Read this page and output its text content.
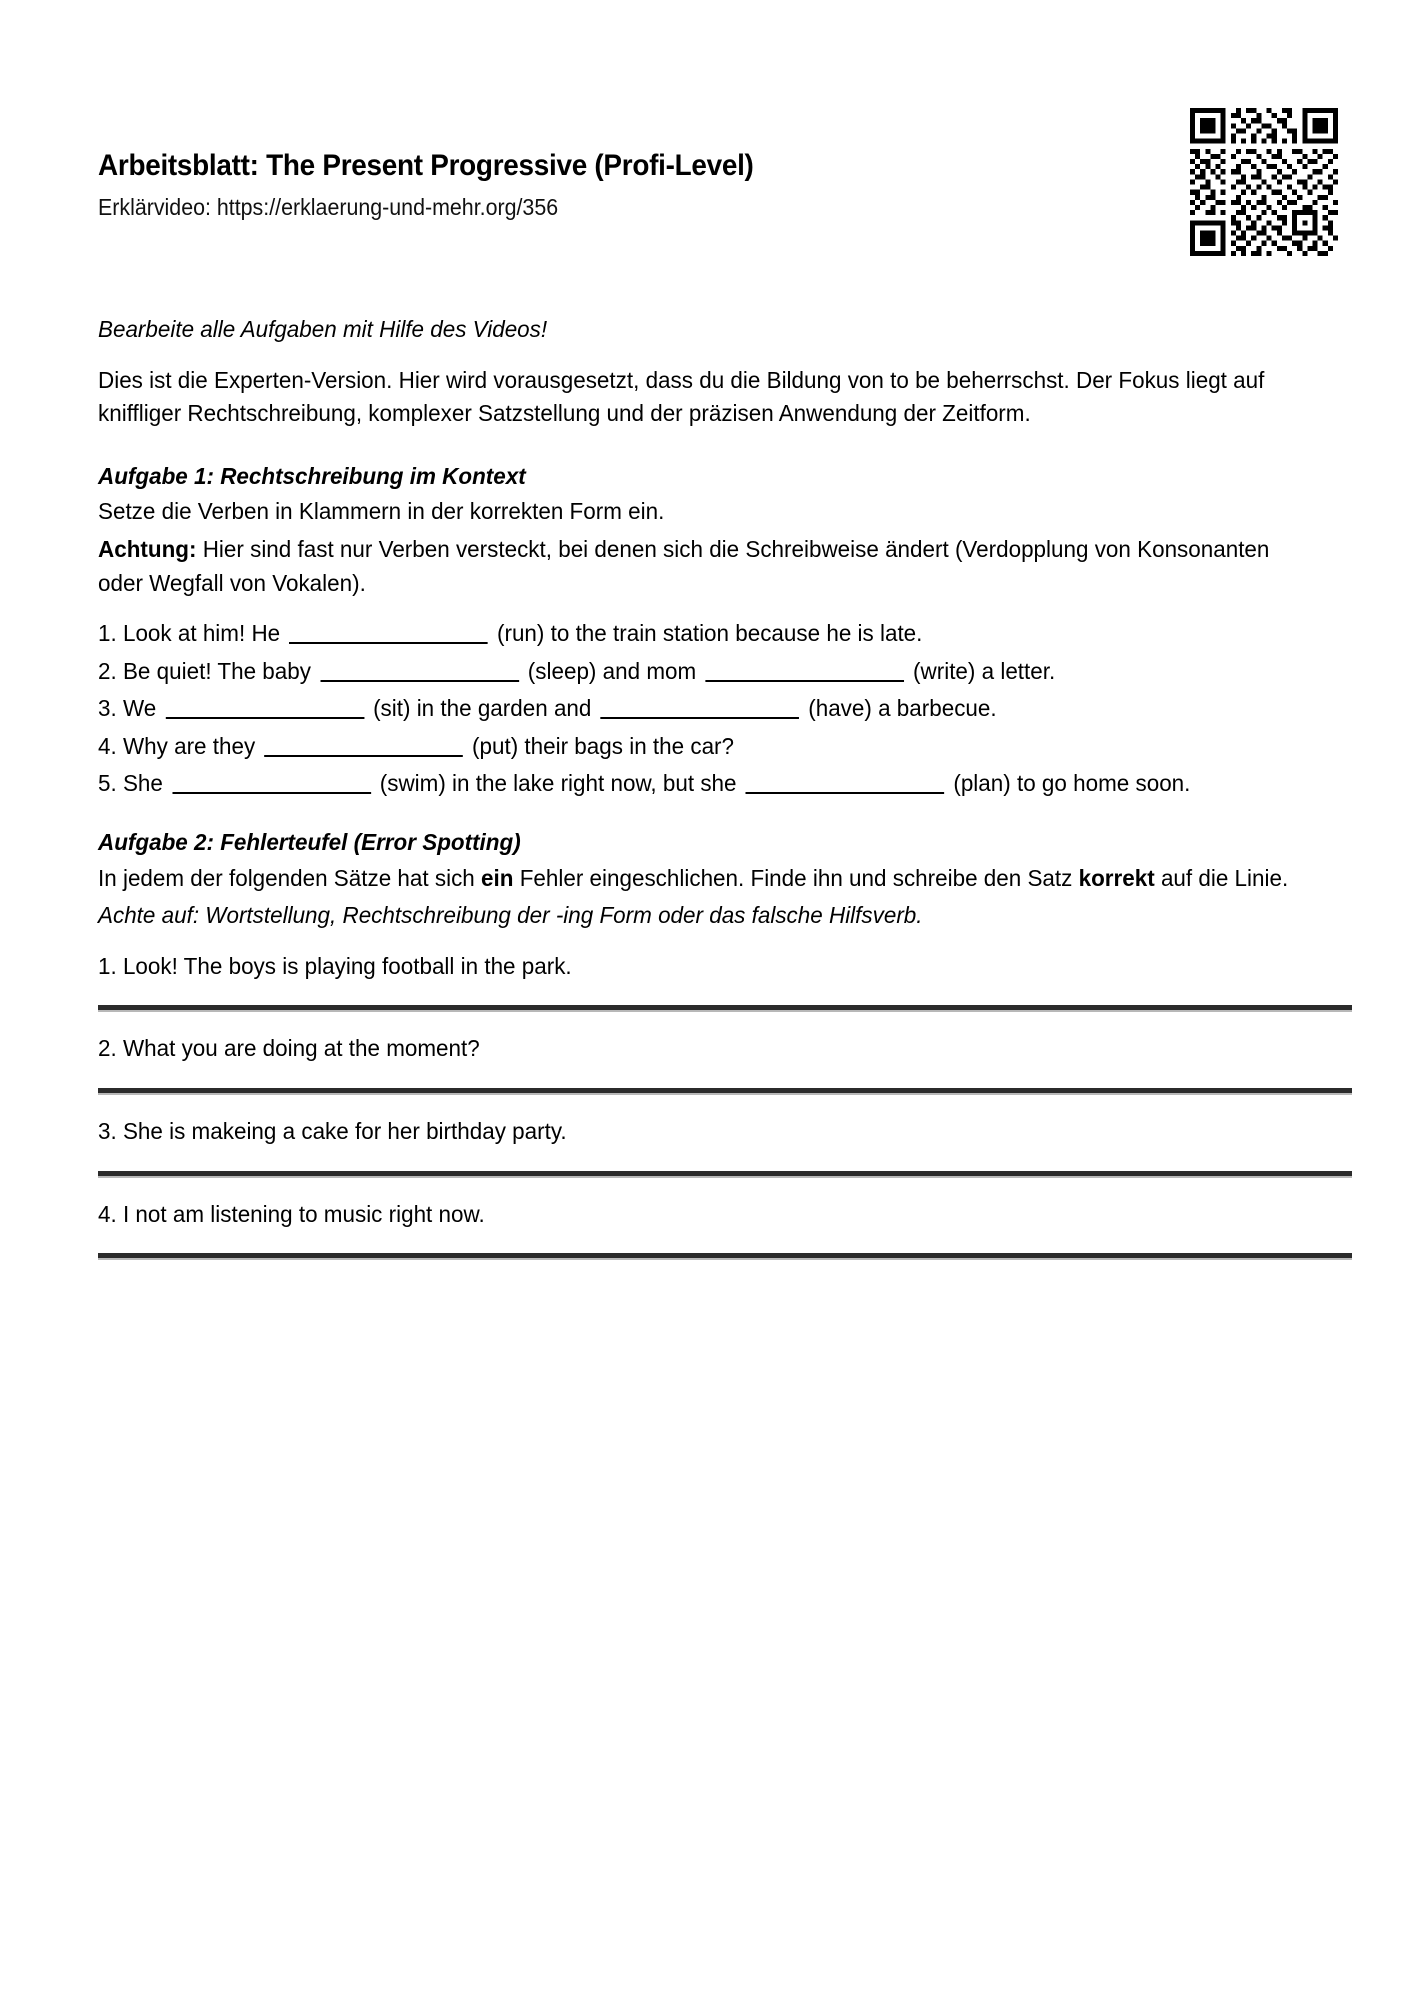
Arbeitsblatt: The Present Progressive (Profi-Level)
Erklärvideo: https://erklaerung-und-mehr.org/356

Bearbeite alle Aufgaben mit Hilfe des Videos!

Dies ist die Experten-Version. Hier wird vorausgesetzt, dass du die Bildung von to be beherrschst. Der Fokus liegt auf kniffliger Rechtschreibung, komplexer Satzstellung und der präzisen Anwendung der Zeitform.

Aufgabe 1: Rechtschreibung im Kontext

Setze die Verben in Klammern in der korrekten Form ein.

Achtung: Hier sind fast nur Verben versteckt, bei denen sich die Schreibweise ändert (Verdopplung von Konsonanten oder Wegfall von Vokalen).

1. Look at him! He	(run) to the train station because he is late.

2. Be quiet! The baby	(sleep) and mom	(write) a letter.

3. We	(sit) in the garden and	(have) a barbecue.

4. Why are they	(put) their bags in the car?

5. She	(swim) in the lake right now, but she	(plan) to go home soon.

Aufgabe 2: Fehlerteufel (Error Spotting)

In jedem der folgenden Sätze hat sich ein Fehler eingeschlichen. Finde ihn und schreibe den Satz korrekt auf die Linie.

Achte auf: Wortstellung, Rechtschreibung der -ing Form oder das falsche Hilfsverb.

1. Look! The boys is playing football in the park.

2. What you are doing at the moment?

3. She is makeing a cake for her birthday party.

4. I not am listening to music right now.
